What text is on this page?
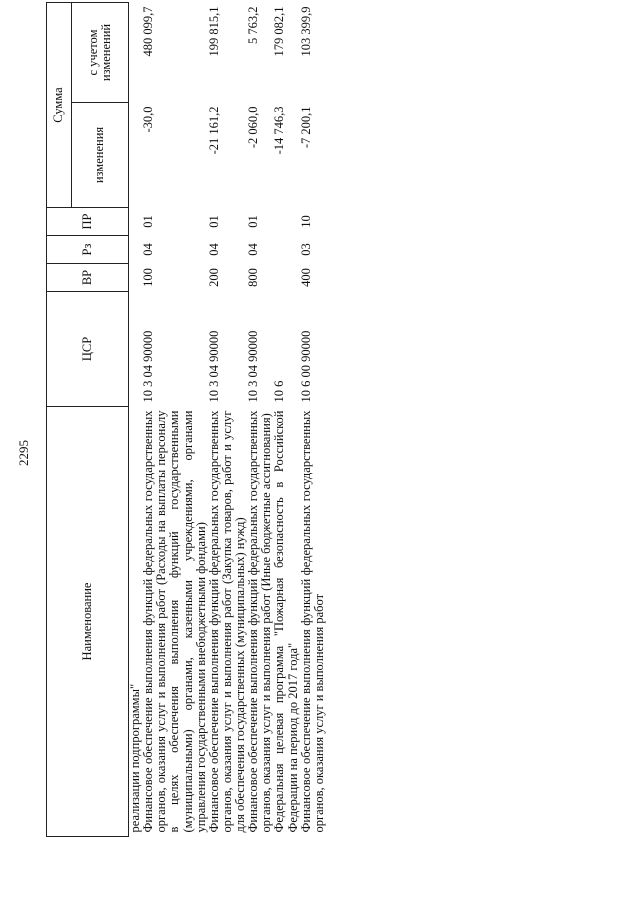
2295
Наименование	ЦСР	ВР	Рз	ПР	Сумма	
					изменения	с учетом изменений
реализации подпрограммы"						
Финансовое обеспечение выполнения функций федеральных государственных органов, оказания услуг и выполнения работ (Расходы на выплаты персоналу в целях обеспечения выполнения функций государственными (муниципальными) органами, казенными учреждениями, органами управления государственными внебюджетными фондами)	10 3 04 90000	100	04	01	-30,0	480 099,7
Финансовое обеспечение выполнения функций федеральных государственных органов, оказания услуг и выполнения работ (Закупка товаров, работ и услуг для обеспечения государственных (муниципальных) нужд)	10 3 04 90000	200	04	01	-21 161,2	199 815,1
Финансовое обеспечение выполнения функций федеральных государственных органов, оказания услуг и выполнения работ (Иные бюджетные ассигнования)	10 3 04 90000	800	04	01	-2 060,0	5 763,2
Федеральная целевая программа "Пожарная безопасность в Российской Федерации на период до 2017 года"	10 6				-14 746,3	179 082,1
Финансовое обеспечение выполнения функций федеральных государственных органов, оказания услуг и выполнения работ	10 6 00 90000	400	03	10	-7 200,1	103 399,9
